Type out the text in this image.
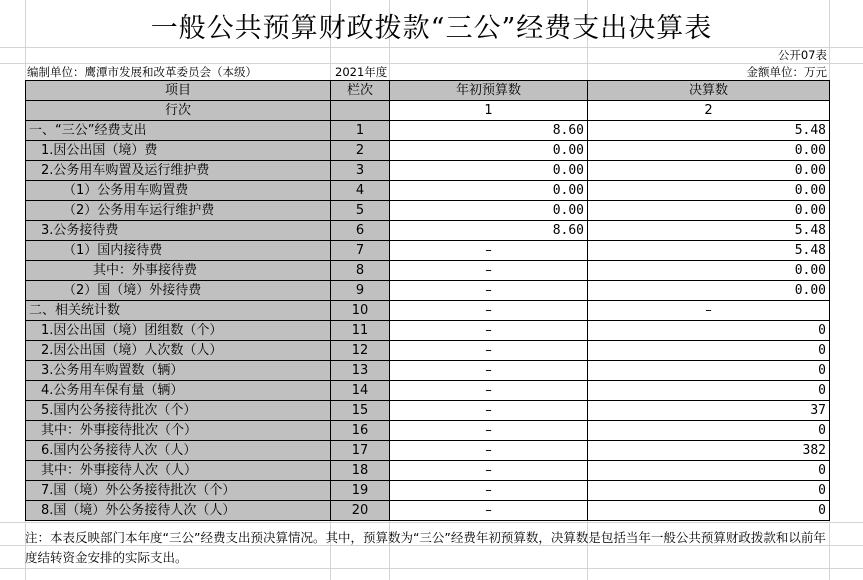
一般公共预算财政拨款“三公”经费支出决算表
公开07表
编制单位：鹰潭市发展和改革委员会（本级）	2021年度	金额单位：万元
项目	栏次	年初预算数	决算数
行次		1	2
一、“三公”经费支出	1	8.60	5.48
1.因公出国（境）费	2	0.00	0.00
2.公务用车购置及运行维护费	3	0.00	0.00
（1）公务用车购置费	4	0.00	0.00
（2）公务用车运行维护费	5	0.00	0.00
3.公务接待费	6	8.60	5.48
（1）国内接待费	7	–	5.48
其中：外事接待费	8	–	0.00
（2）国（境）外接待费	9	–	0.00
二、相关统计数	10	–	–
1.因公出国（境）团组数（个）	11	–	0
2.因公出国（境）人次数（人）	12	–	0
3.公务用车购置数（辆）	13	–	0
4.公务用车保有量（辆）	14	–	0
5.国内公务接待批次（个）	15	–	37
其中：外事接待批次（个）	16	–	0
6.国内公务接待人次（人）	17	–	382
其中：外事接待人次（人）	18	–	0
7.国（境）外公务接待批次（个）	19	–	0
8.国（境）外公务接待人次（人）	20	–	0
注：本表反映部门本年度“三公”经费支出预决算情况。其中，预算数为“三公”经费年初预算数，决算数是包括当年一般公共预算财政拨款和以前年度结转资金安排的实际支出。
